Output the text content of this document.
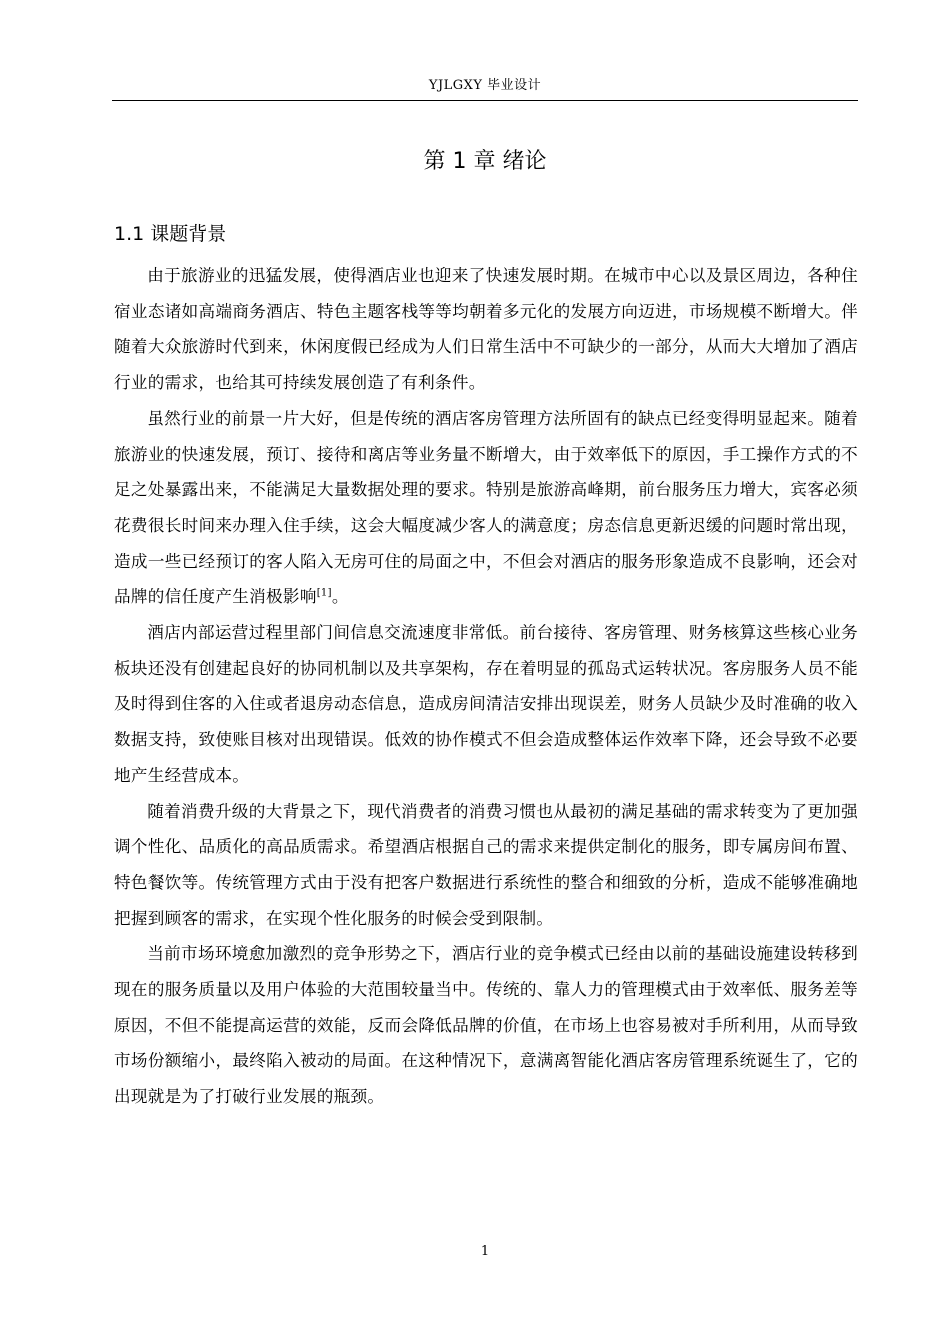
YJLGXY 毕业设计
第 1 章 绪论
1.1 课题背景

由于旅游业的迅猛发展，使得酒店业也迎来了快速发展时期。在城市中心以及景区周边，各种住宿业态诸如高端商务酒店、特色主题客栈等等均朝着多元化的发展方向迈进，市场规模不断增大。伴随着大众旅游时代到来，休闲度假已经成为人们日常生活中不可缺少的一部分，从而大大增加了酒店行业的需求，也给其可持续发展创造了有利条件。

虽然行业的前景一片大好，但是传统的酒店客房管理方法所固有的缺点已经变得明显起来。随着旅游业的快速发展，预订、接待和离店等业务量不断增大，由于效率低下的原因，手工操作方式的不足之处暴露出来，不能满足大量数据处理的要求。特别是旅游高峰期，前台服务压力增大，宾客必须花费很长时间来办理入住手续，这会大幅度减少客人的满意度；房态信息更新迟缓的问题时常出现，造成一些已经预订的客人陷入无房可住的局面之中，不但会对酒店的服务形象造成不良影响，还会对品牌的信任度产生消极影响[1]。

酒店内部运营过程里部门间信息交流速度非常低。前台接待、客房管理、财务核算这些核心业务板块还没有创建起良好的协同机制以及共享架构，存在着明显的孤岛式运转状况。客房服务人员不能及时得到住客的入住或者退房动态信息，造成房间清洁安排出现误差，财务人员缺少及时准确的收入数据支持，致使账目核对出现错误。低效的协作模式不但会造成整体运作效率下降，还会导致不必要地产生经营成本。

随着消费升级的大背景之下，现代消费者的消费习惯也从最初的满足基础的需求转变为了更加强调个性化、品质化的高品质需求。希望酒店根据自己的需求来提供定制化的服务，即专属房间布置、特色餐饮等。传统管理方式由于没有把客户数据进行系统性的整合和细致的分析，造成不能够准确地把握到顾客的需求，在实现个性化服务的时候会受到限制。

当前市场环境愈加激烈的竞争形势之下，酒店行业的竞争模式已经由以前的基础设施建设转移到现在的服务质量以及用户体验的大范围较量当中。传统的、靠人力的管理模式由于效率低、服务差等原因，不但不能提高运营的效能，反而会降低品牌的价值，在市场上也容易被对手所利用，从而导致市场份额缩小，最终陷入被动的局面。在这种情况下，意满离智能化酒店客房管理系统诞生了，它的出现就是为了打破行业发展的瓶颈。

1
